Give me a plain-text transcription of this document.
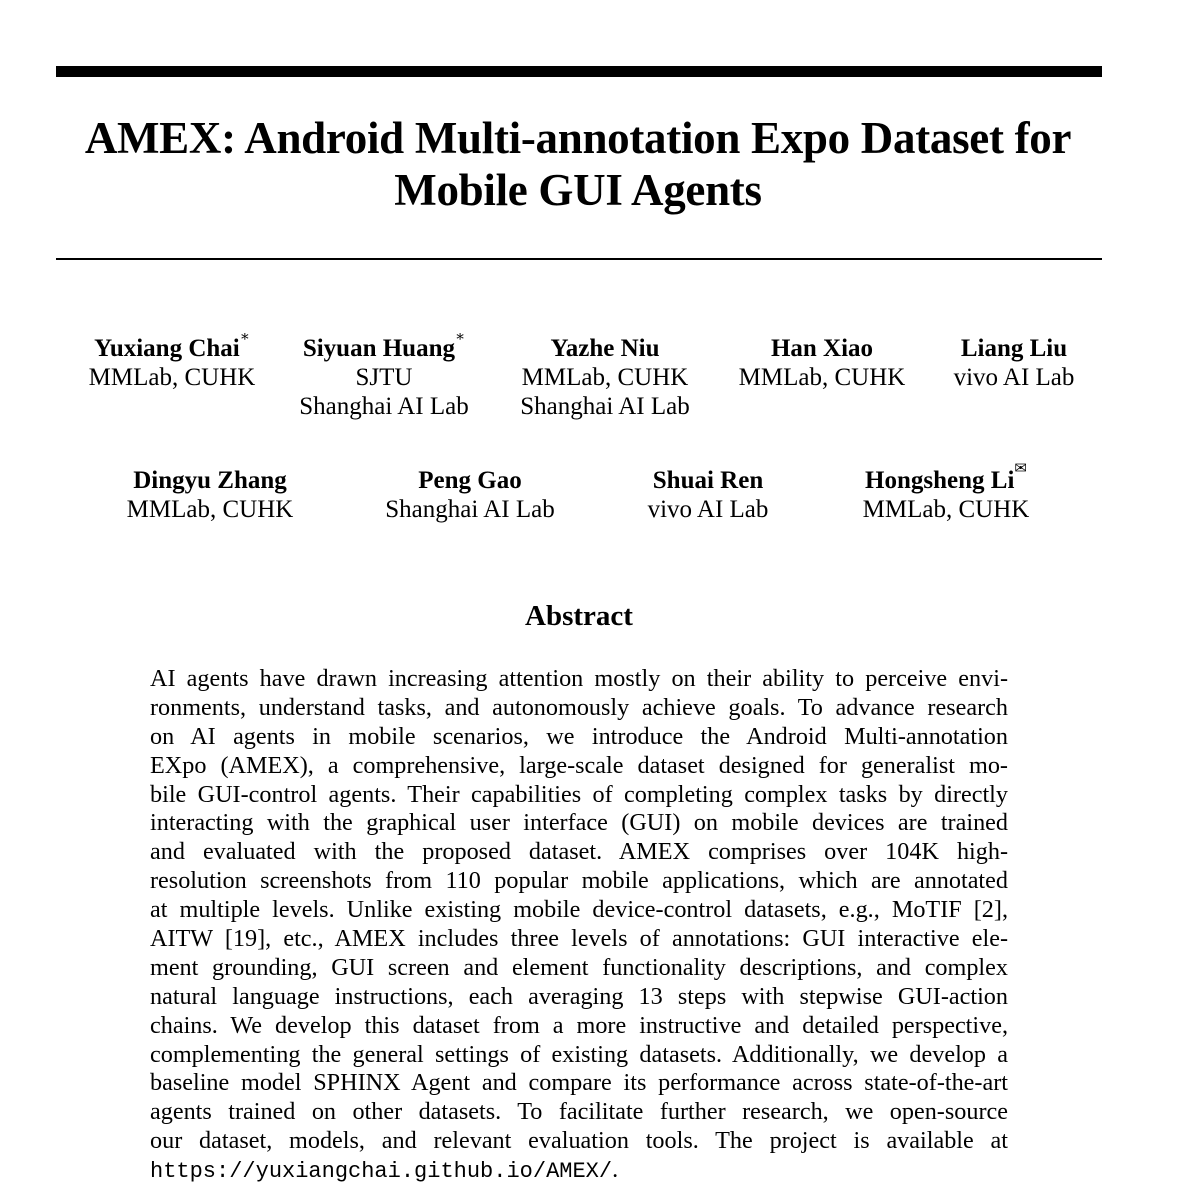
AMEX: Android Multi-annotation Expo Dataset for
Mobile GUI Agents
Yuxiang Chai∗
MMLab, CUHK
Siyuan Huang∗
SJTU
Shanghai AI Lab
Yazhe Niu
MMLab, CUHK
Shanghai AI Lab
Han Xiao
MMLab, CUHK
Liang Liu
vivo AI Lab
Dingyu Zhang
MMLab, CUHK
Peng Gao
Shanghai AI Lab
Shuai Ren
vivo AI Lab
Hongsheng Li✉
MMLab, CUHK
Abstract
AI agents have drawn increasing attention mostly on their ability to perceive envi-
ronments, understand tasks, and autonomously achieve goals. To advance research
on AI agents in mobile scenarios, we introduce the Android Multi-annotation
EXpo (AMEX), a comprehensive, large-scale dataset designed for generalist mo-
bile GUI-control agents. Their capabilities of completing complex tasks by directly
interacting with the graphical user interface (GUI) on mobile devices are trained
and evaluated with the proposed dataset. AMEX comprises over 104K high-
resolution screenshots from 110 popular mobile applications, which are annotated
at multiple levels. Unlike existing mobile device-control datasets, e.g., MoTIF [2],
AITW [19], etc., AMEX includes three levels of annotations: GUI interactive ele-
ment grounding, GUI screen and element functionality descriptions, and complex
natural language instructions, each averaging 13 steps with stepwise GUI-action
chains. We develop this dataset from a more instructive and detailed perspective,
complementing the general settings of existing datasets. Additionally, we develop a
baseline model SPHINX Agent and compare its performance across state-of-the-art
agents trained on other datasets. To facilitate further research, we open-source
our dataset, models, and relevant evaluation tools. The project is available at
https://yuxiangchai.github.io/AMEX/.
